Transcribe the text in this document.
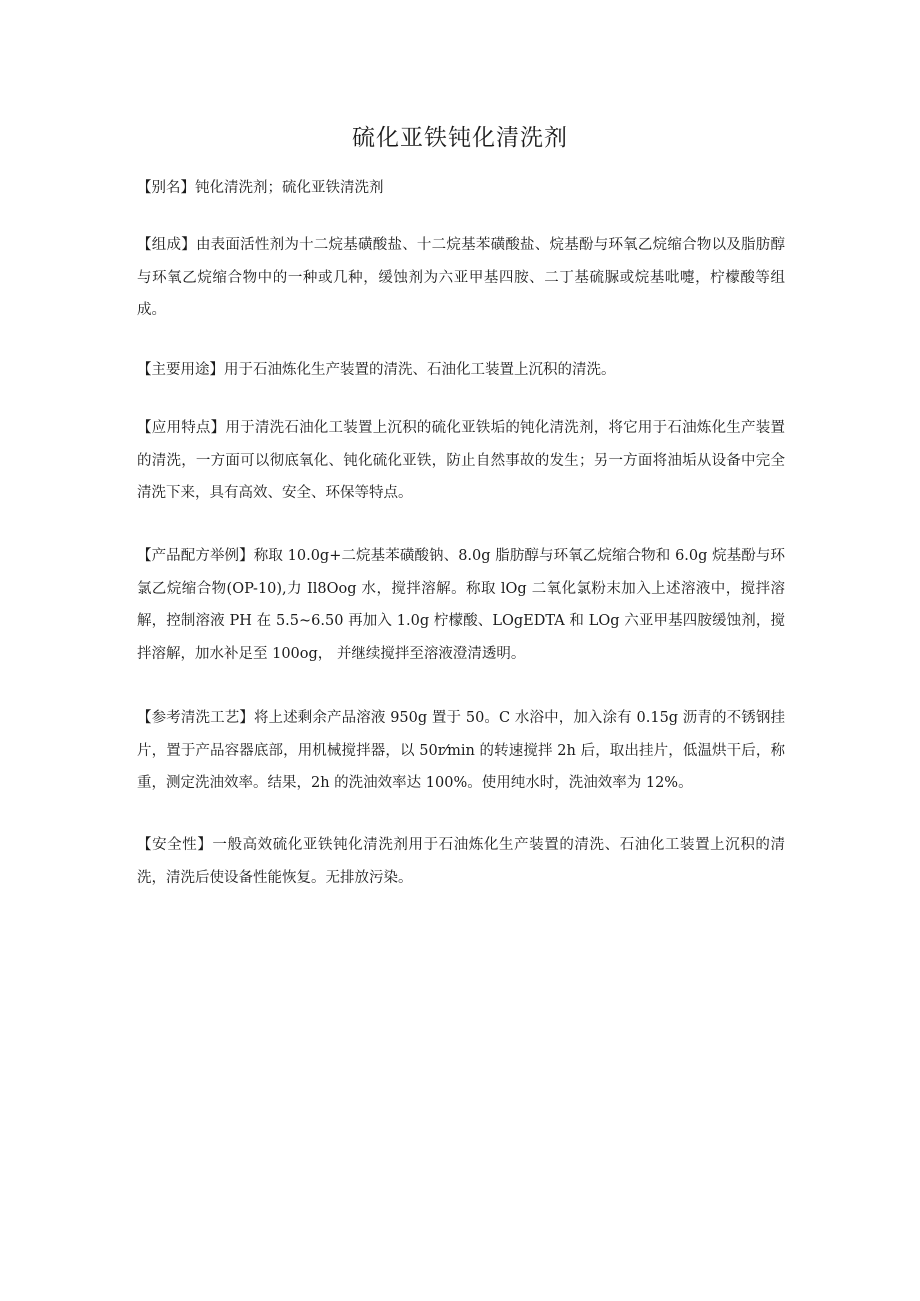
硫化亚铁钝化清洗剂

【别名】钝化清洗剂；硫化亚铁清洗剂

【组成】由表面活性剂为十二烷基磺酸盐、十二烷基苯磺酸盐、烷基酚与环氧乙烷缩合物以及脂肪醇与环氧乙烷缩合物中的一种或几种，缓蚀剂为六亚甲基四胺、二丁基硫脲或烷基吡嚏，柠檬酸等组成。

【主要用途】用于石油炼化生产装置的清洗、石油化工装置上沉积的清洗。

【应用特点】用于清洗石油化工装置上沉积的硫化亚铁垢的钝化清洗剂，将它用于石油炼化生产装置的清洗，一方面可以彻底氧化、钝化硫化亚铁，防止自然事故的发生；另一方面将油垢从设备中完全清洗下来，具有高效、安全、环保等特点。

【产品配方举例】称取 10.0g+二烷基苯磺酸钠、8.0g 脂肪醇与环氧乙烷缩合物和 6.0g 烷基酚与环氯乙烷缩合物(OP-10),力 Il8Oog 水，搅拌溶解。称取 lOg 二氧化氯粉末加入上述溶液中，搅拌溶解，控制溶液 PH 在 5.5~6.50 再加入 1.0g 柠檬酸、LOgEDTA 和 LOg 六亚甲基四胺缓蚀剂，搅拌溶解，加水补足至 100og， 并继续搅拌至溶液澄清透明。

【参考清洗工艺】将上述剩余产品溶液 950g 置于 50。C 水浴中，加入涂有 0.15g 沥青的不锈钢挂片，置于产品容器底部，用机械搅拌器，以 50r⁄min 的转速搅拌 2h 后，取出挂片，低温烘干后，称重，测定洗油效率。结果，2h 的洗油效率达 100%。使用纯水时，洗油效率为 12%。

【安全性】一般高效硫化亚铁钝化清洗剂用于石油炼化生产装置的清洗、石油化工装置上沉积的清洗，清洗后使设备性能恢复。无排放污染。
